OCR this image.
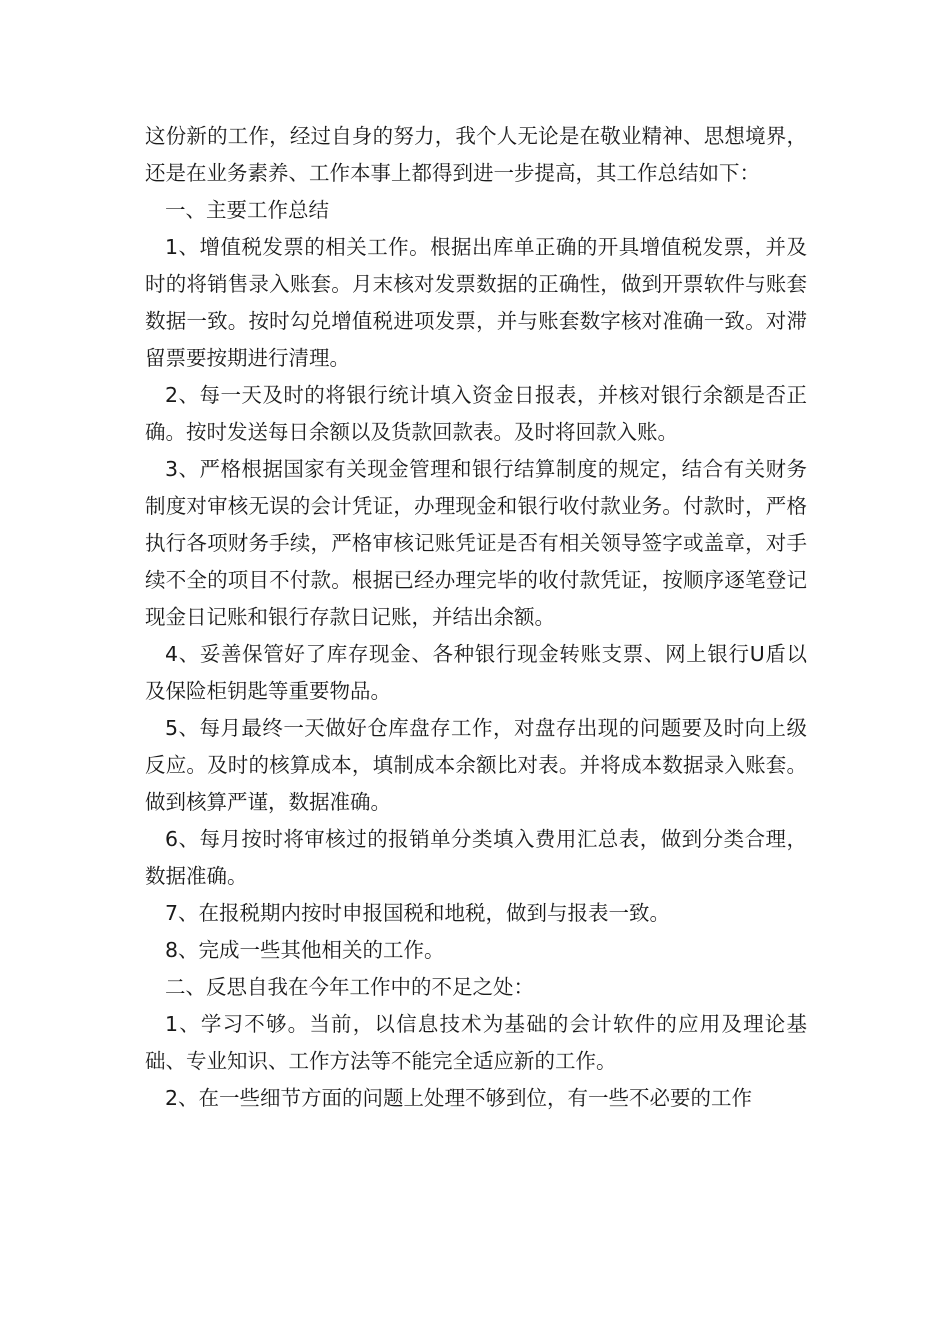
这份新的工作，经过自身的努力，我个人无论是在敬业精神、思想境界，还是在业务素养、工作本事上都得到进一步提高，其工作总结如下：

一、主要工作总结

1、增值税发票的相关工作。根据出库单正确的开具增值税发票，并及时的将销售录入账套。月末核对发票数据的正确性，做到开票软件与账套数据一致。按时勾兑增值税进项发票，并与账套数字核对准确一致。对滞留票要按期进行清理。

2、每一天及时的将银行统计填入资金日报表，并核对银行余额是否正确。按时发送每日余额以及货款回款表。及时将回款入账。

3、严格根据国家有关现金管理和银行结算制度的规定，结合有关财务制度对审核无误的会计凭证，办理现金和银行收付款业务。付款时，严格执行各项财务手续，严格审核记账凭证是否有相关领导签字或盖章，对手续不全的项目不付款。根据已经办理完毕的收付款凭证，按顺序逐笔登记现金日记账和银行存款日记账，并结出余额。

4、妥善保管好了库存现金、各种银行现金转账支票、网上银行U盾以及保险柜钥匙等重要物品。

5、每月最终一天做好仓库盘存工作，对盘存出现的问题要及时向上级反应。及时的核算成本，填制成本余额比对表。并将成本数据录入账套。做到核算严谨，数据准确。

6、每月按时将审核过的报销单分类填入费用汇总表，做到分类合理，数据准确。

7、在报税期内按时申报国税和地税，做到与报表一致。

8、完成一些其他相关的工作。

二、反思自我在今年工作中的不足之处：

1、学习不够。当前，以信息技术为基础的会计软件的应用及理论基础、专业知识、工作方法等不能完全适应新的工作。

2、在一些细节方面的问题上处理不够到位，有一些不必要的工作
